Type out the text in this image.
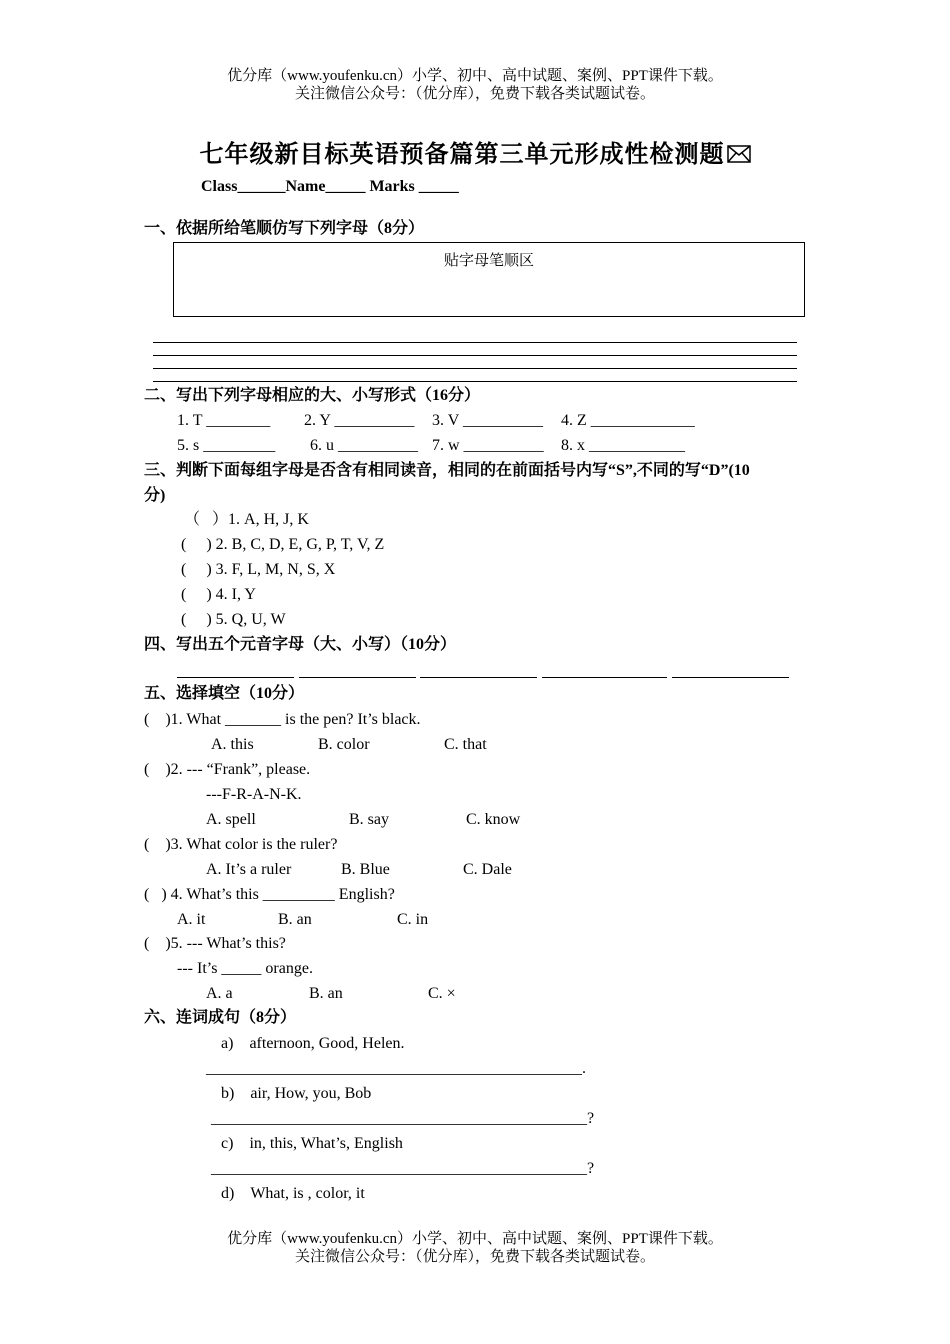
优分库（www.youfenku.cn）小学、初中、高中试题、案例、PPT课件下载。
关注微信公众号：（优分库），免费下载各类试题试卷。
七年级新目标英语预备篇第三单元形成性检测题
Class______Name_____ Marks _____
一、依据所给笔顺仿写下列字母（8分）
贴字母笔顺区
二、写出下列字母相应的大、小写形式（16分）
1. T ________ 2. Y __________ 3. V __________ 4. Z _____________
5. s _________ 6. u __________ 7. w __________ 8. x ____________
三、判断下面每组字母是否含有相同读音，相同的在前面括号内写“S”,不同的写“D”(10
分)
（   ）1. A, H, J, K
(     ) 2. B, C, D, E, G, P, T, V, Z
(     ) 3. F, L, M, N, S, X
(     ) 4. I, Y
(     ) 5. Q, U, W
四、写出五个元音字母（大、小写）（10分）
五、选择填空（10分）
(    )1. What _______ is the pen? It’s black.
A. this	B. color	C. that
(    )2. --- “Frank”, please.
---F-R-A-N-K.
A. spell	B. say	C. know
(    )3. What color is the ruler?
A. It’s a ruler	B. Blue	C. Dale
(   ) 4. What’s this _________ English?
A. it	B. an	C. in
(    )5. --- What’s this?
--- It’s _____ orange.
A. a	B. an	C. ×
六、连词成句（8分）
a) afternoon, Good, Helen.
_______________________________________________.
b) air, How, you, Bob
_______________________________________________?
c) in, this, What’s, English
_______________________________________________?
d) What, is , color, it
优分库（www.youfenku.cn）小学、初中、高中试题、案例、PPT课件下载。
关注微信公众号：（优分库），免费下载各类试题试卷。
